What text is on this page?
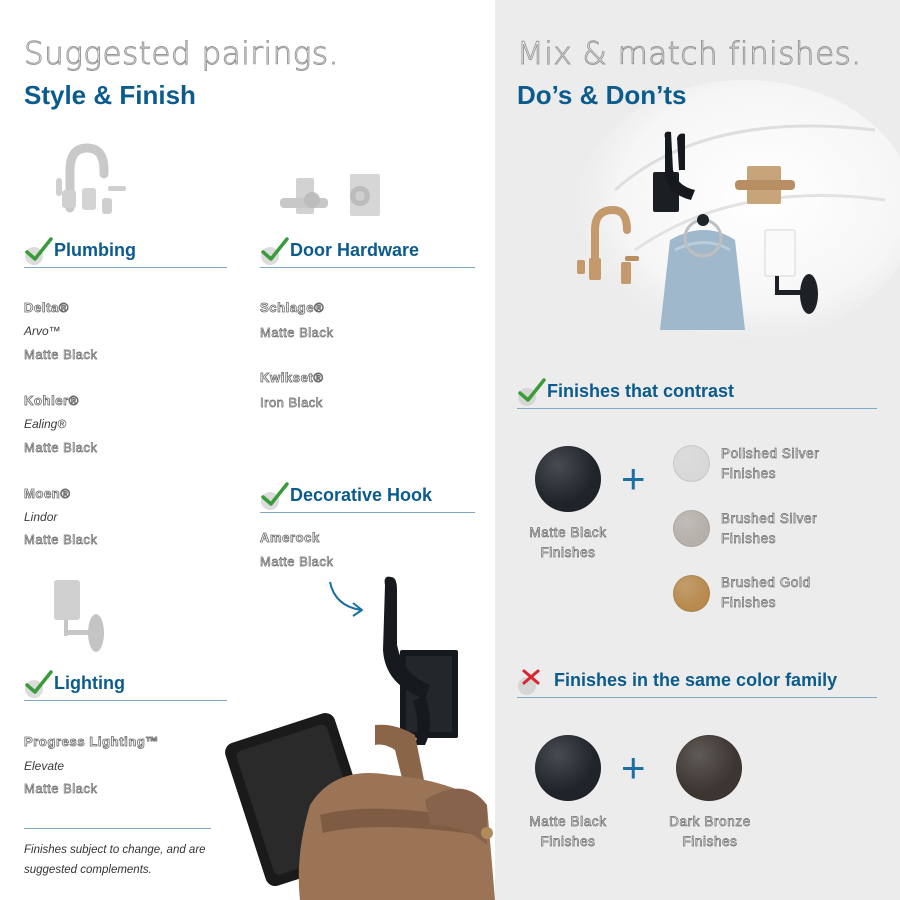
Suggested pairings.
Style & Finish
Plumbing
Delta®
Arvo™
Matte Black
Kohler®
Ealing®
Matte Black
Moen®
Lindor
Matte Black
Door Hardware
Schlage®
Matte Black
Kwikset®
Iron Black
Decorative Hook
Amerock
Matte Black
Lighting
Progress Lighting™
Elevate
Matte Black
Finishes subject to change, and are suggested complements.
Mix & match finishes.
Do’s & Don’ts
Finishes that contrast
Matte Black
Finishes
+
Polished Silver
Finishes
Brushed Silver
Finishes
Brushed Gold
Finishes
Finishes in the same color family
Matte Black
Finishes
+
Dark Bronze
Finishes
